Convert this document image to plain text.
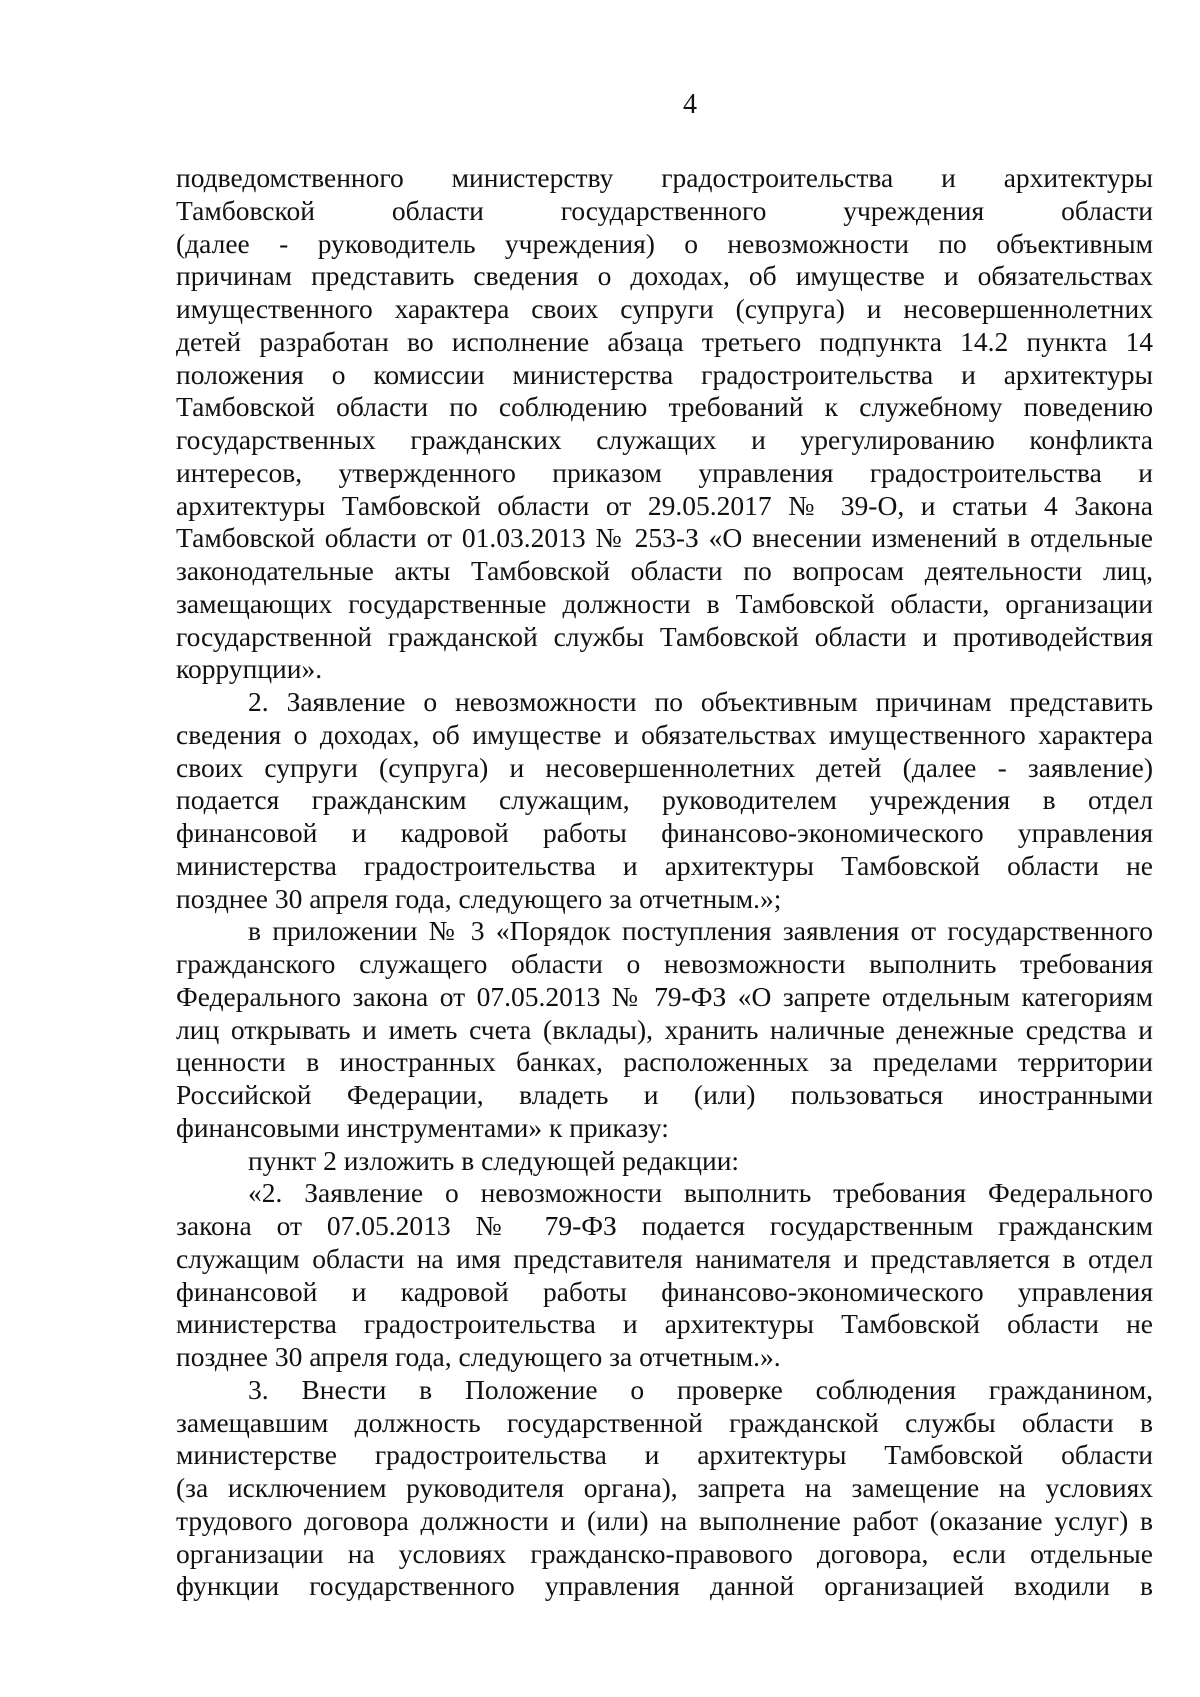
4
подведомственного министерству градостроительства и архитектуры
Тамбовской области государственного учреждения области
(далее - руководитель учреждения) о невозможности по объективным
причинам представить сведения о доходах, об имуществе и обязательствах
имущественного характера своих супруги (супруга) и несовершеннолетних
детей разработан во исполнение абзаца третьего подпункта 14.2 пункта 14
положения о комиссии министерства градостроительства и архитектуры
Тамбовской области по соблюдению требований к служебному поведению
государственных гражданских служащих и урегулированию конфликта
интересов, утвержденного приказом управления градостроительства и
архитектуры Тамбовской области от 29.05.2017 № 39-О, и статьи 4 Закона
Тамбовской области от 01.03.2013 № 253-З «О внесении изменений в отдельные
законодательные акты Тамбовской области по вопросам деятельности лиц,
замещающих государственные должности в Тамбовской области, организации
государственной гражданской службы Тамбовской области и противодействия
коррупции».
2. Заявление о невозможности по объективным причинам представить
сведения о доходах, об имуществе и обязательствах имущественного характера
своих супруги (супруга) и несовершеннолетних детей (далее - заявление)
подается гражданским служащим, руководителем учреждения в отдел
финансовой и кадровой работы финансово-экономического управления
министерства градостроительства и архитектуры Тамбовской области не
позднее 30 апреля года, следующего за отчетным.»;
в приложении № 3 «Порядок поступления заявления от государственного
гражданского служащего области о невозможности выполнить требования
Федерального закона от 07.05.2013 № 79-ФЗ «О запрете отдельным категориям
лиц открывать и иметь счета (вклады), хранить наличные денежные средства и
ценности в иностранных банках, расположенных за пределами территории
Российской Федерации, владеть и (или) пользоваться иностранными
финансовыми инструментами» к приказу:
пункт 2 изложить в следующей редакции:
«2. Заявление о невозможности выполнить требования Федерального
закона от 07.05.2013 № 79-ФЗ подается государственным гражданским
служащим области на имя представителя нанимателя и представляется в отдел
финансовой и кадровой работы финансово-экономического управления
министерства градостроительства и архитектуры Тамбовской области не
позднее 30 апреля года, следующего за отчетным.».
3. Внести в Положение о проверке соблюдения гражданином,
замещавшим должность государственной гражданской службы области в
министерстве градостроительства и архитектуры Тамбовской области
(за исключением руководителя органа), запрета на замещение на условиях
трудового договора должности и (или) на выполнение работ (оказание услуг) в
организации на условиях гражданско-правового договора, если отдельные
функции государственного управления данной организацией входили в
